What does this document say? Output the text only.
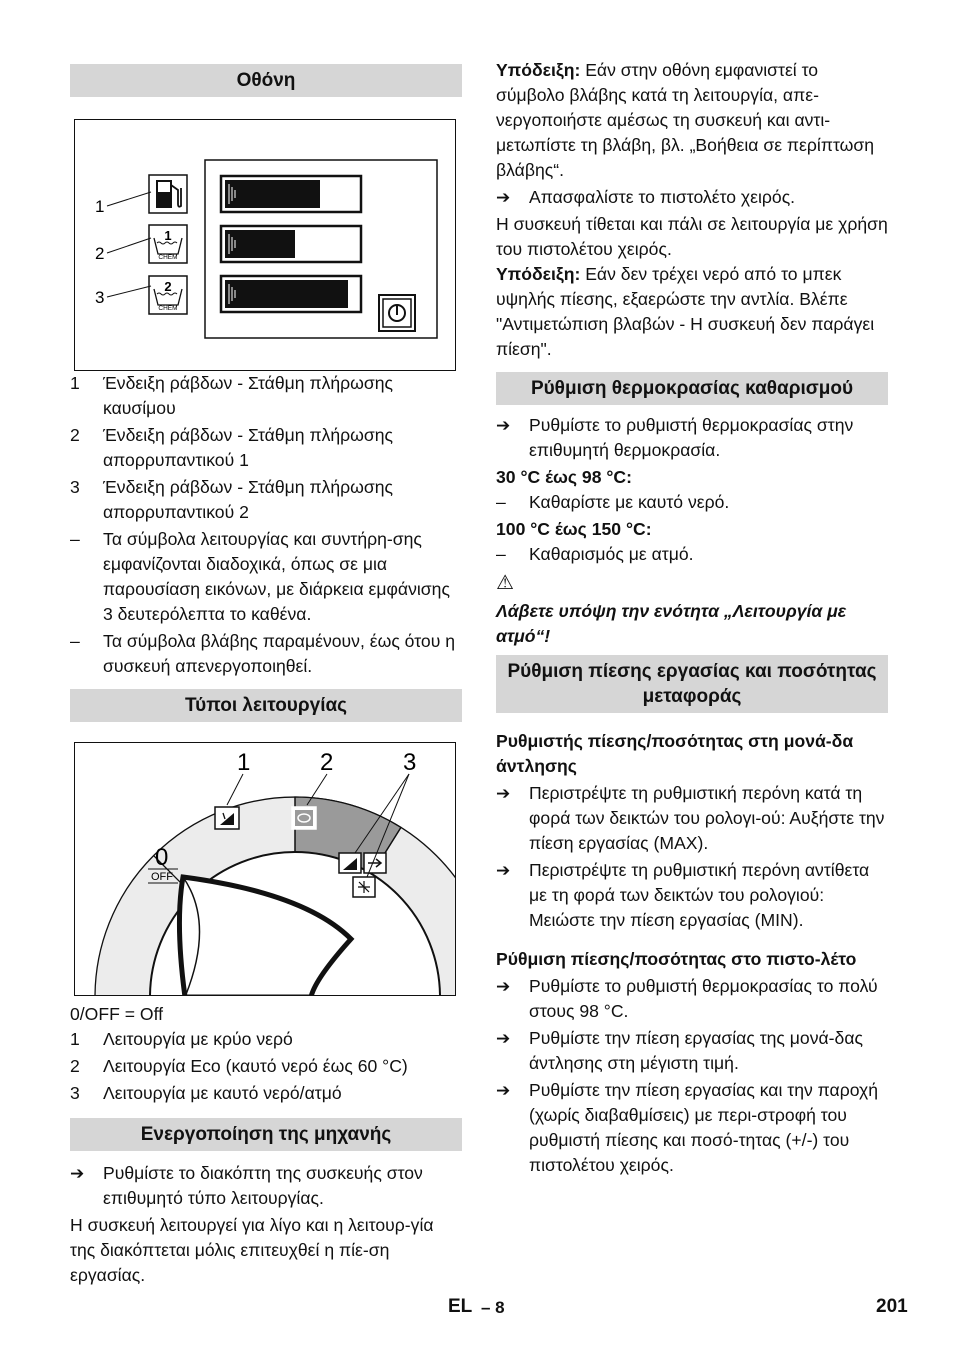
Οθόνη
1
CHEM
2
CHEM
1
2
3
1 Ένδειξη ράβδων - Στάθμη πλήρωσης καυσίμου
2 Ένδειξη ράβδων - Στάθμη πλήρωσης απορρυπαντικού 1
3 Ένδειξη ράβδων - Στάθμη πλήρωσης απορρυπαντικού 2
– Τα σύμβολα λειτουργίας και συντήρη-σης εμφανίζονται διαδοχικά, όπως σε μια παρουσίαση εικόνων, με διάρκεια εμφάνισης 3 δευτερόλεπτα το καθένα.
– Τα σύμβολα βλάβης παραμένουν, έως ότου η συσκευή απενεργοποιηθεί.
Τύποι λειτουργίας
0
OFF
1	2	3

0/OFF = Off

1 Λειτουργία με κρύο νερό
2 Λειτουργία Eco (καυτό νερό έως 60 °C)
3 Λειτουργία με καυτό νερό/ατμό
Ενεργοποίηση της μηχανής
➔ Ρυθμίστε το διακόπτη της συσκευής στον επιθυμητό τύπο λειτουργίας.

Η συσκευή λειτουργεί για λίγο και η λειτουρ-γία της διακόπτεται μόλις επιτευχθεί η πίε-ση εργασίας.

Υπόδειξη: Εάν στην οθόνη εμφανιστεί το σύμβολο βλάβης κατά τη λειτουργία, απε-νεργοποιήστε αμέσως τη συσκευή και αντι-μετωπίστε τη βλάβη, βλ. „Βοήθεια σε περίπτωση βλάβης“.

➔ Απασφαλίστε το πιστολέτο χειρός.

Η συσκευή τίθεται και πάλι σε λειτουργία με χρήση του πιστολέτου χειρός.

Υπόδειξη: Εάν δεν τρέχει νερό από το μπεκ υψηλής πίεσης, εξαερώστε την αντλία. Βλέπε "Αντιμετώπιση βλαβών - Η συσκευή δεν παράγει πίεση".

Ρύθμιση θερμοκρασίας καθαρισμού
➔ Ρυθμίστε το ρυθμιστή θερμοκρασίας στην επιθυμητή θερμοκρασία.
30 °C έως 98 °C:
– Καθαρίστε με καυτό νερό.
100 °C έως 150 °C:
– Καθαρισμός με ατμό.
⚠

Λάβετε υπόψη την ενότητα „Λειτουργία με ατμό“!

Ρύθμιση πίεσης εργασίας και ποσότητας μεταφοράς
Ρυθμιστής πίεσης/ποσότητας στη μονά-δα άντλησης
➔ Περιστρέψτε τη ρυθμιστική περόνη κατά τη φορά των δεικτών του ρολογι-ού: Αυξήστε την πίεση εργασίας (MAX).
➔ Περιστρέψτε τη ρυθμιστική περόνη αντίθετα με τη φορά των δεικτών του ρολογιού: Μειώστε την πίεση εργασίας (MIN).
Ρύθμιση πίεσης/ποσότητας στο πιστο-λέτο
➔ Ρυθμίστε το ρυθμιστή θερμοκρασίας το πολύ στους 98 °C.
➔ Ρυθμίστε την πίεση εργασίας της μονά-δας άντλησης στη μέγιστη τιμή.
➔ Ρυθμίστε την πίεση εργασίας και την παροχή (χωρίς διαβαθμίσεις) με περι-στροφή του ρυθμιστή πίεσης και ποσό-τητας (+/-) του πιστολέτου χειρός.
EL – 8	201
